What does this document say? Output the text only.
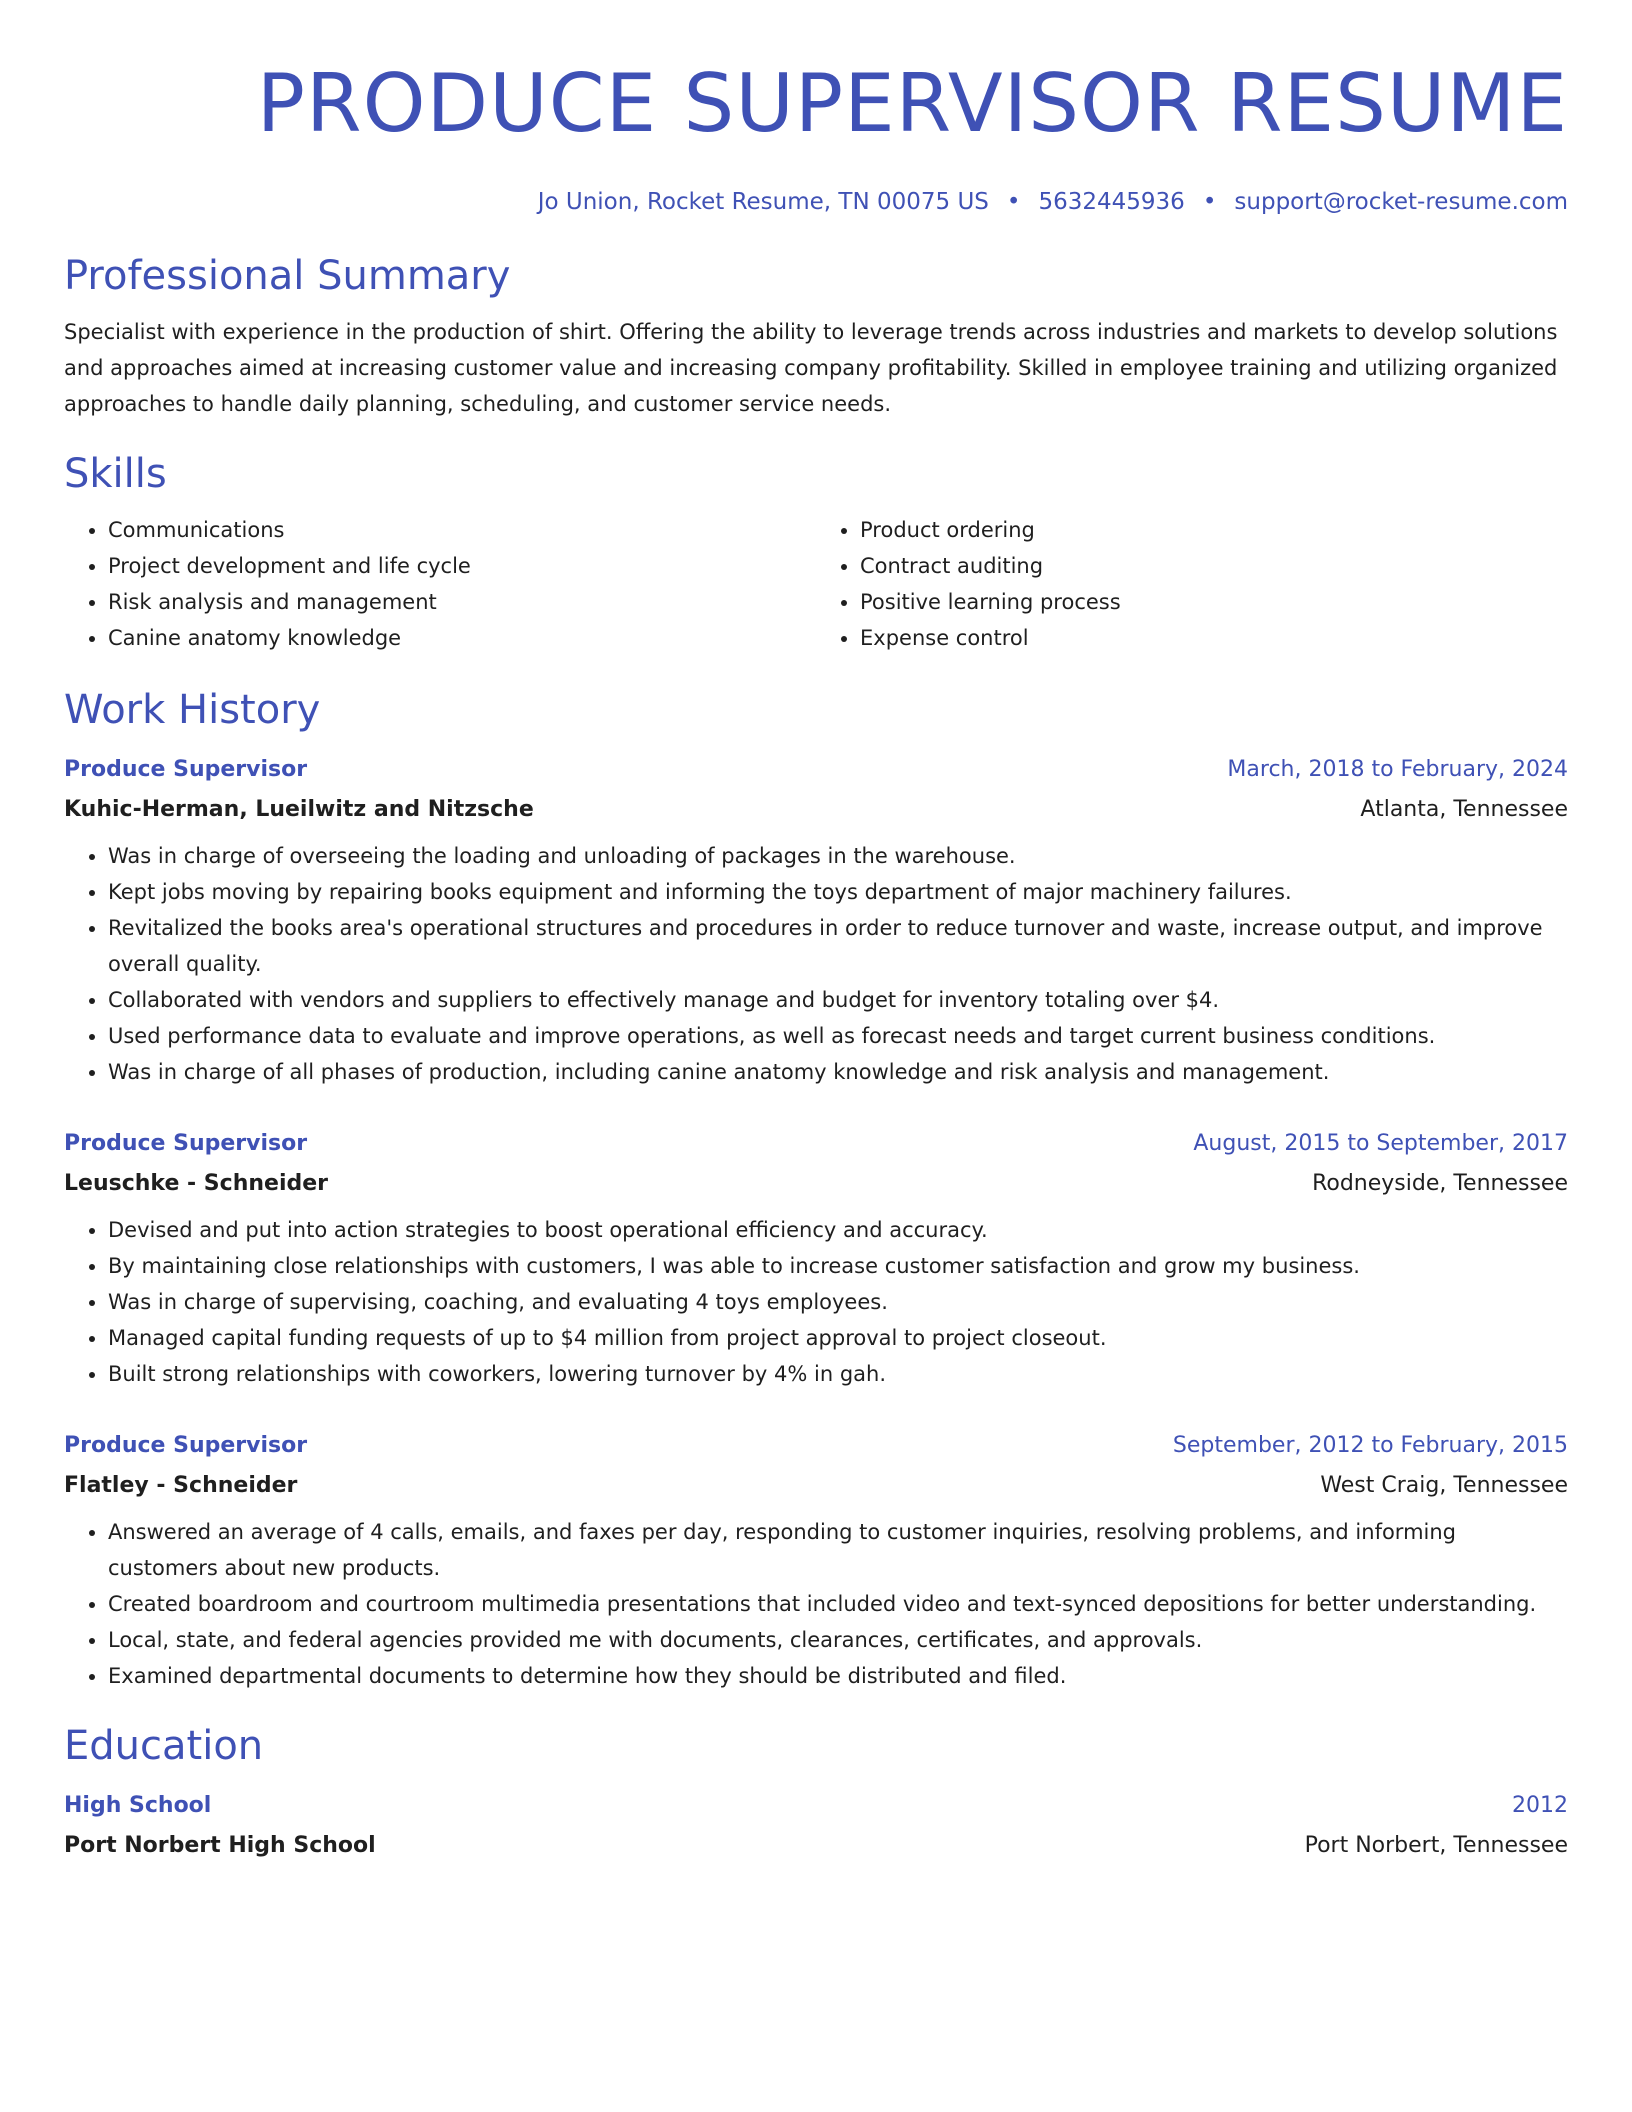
PRODUCE SUPERVISOR RESUME
Jo Union, Rocket Resume, TN 00075 US • 5632445936 • support@rocket-resume.com
Professional Summary
Specialist with experience in the production of shirt. Offering the ability to leverage trends across industries and markets to develop solutions and approaches aimed at increasing customer value and increasing company profitability. Skilled in employee training and utilizing organized approaches to handle daily planning, scheduling, and customer service needs.
Skills
• Communications
• Project development and life cycle
• Risk analysis and management
• Canine anatomy knowledge
• Product ordering
• Contract auditing
• Positive learning process
• Expense control
Work History
Produce Supervisor	March, 2018 to February, 2024
Kuhic-Herman, Lueilwitz and Nitzsche	Atlanta, Tennessee
• Was in charge of overseeing the loading and unloading of packages in the warehouse.
• Kept jobs moving by repairing books equipment and informing the toys department of major machinery failures.
• Revitalized the books area's operational structures and procedures in order to reduce turnover and waste, increase output, and improve overall quality.
• Collaborated with vendors and suppliers to effectively manage and budget for inventory totaling over $4.
• Used performance data to evaluate and improve operations, as well as forecast needs and target current business conditions.
• Was in charge of all phases of production, including canine anatomy knowledge and risk analysis and management.
Produce Supervisor	August, 2015 to September, 2017
Leuschke - Schneider	Rodneyside, Tennessee
• Devised and put into action strategies to boost operational efficiency and accuracy.
• By maintaining close relationships with customers, I was able to increase customer satisfaction and grow my business.
• Was in charge of supervising, coaching, and evaluating 4 toys employees.
• Managed capital funding requests of up to $4 million from project approval to project closeout.
• Built strong relationships with coworkers, lowering turnover by 4% in gah.
Produce Supervisor	September, 2012 to February, 2015
Flatley - Schneider	West Craig, Tennessee
• Answered an average of 4 calls, emails, and faxes per day, responding to customer inquiries, resolving problems, and informing customers about new products.
• Created boardroom and courtroom multimedia presentations that included video and text-synced depositions for better understanding.
• Local, state, and federal agencies provided me with documents, clearances, certificates, and approvals.
• Examined departmental documents to determine how they should be distributed and filed.
Education
High School	2012
Port Norbert High School	Port Norbert, Tennessee
